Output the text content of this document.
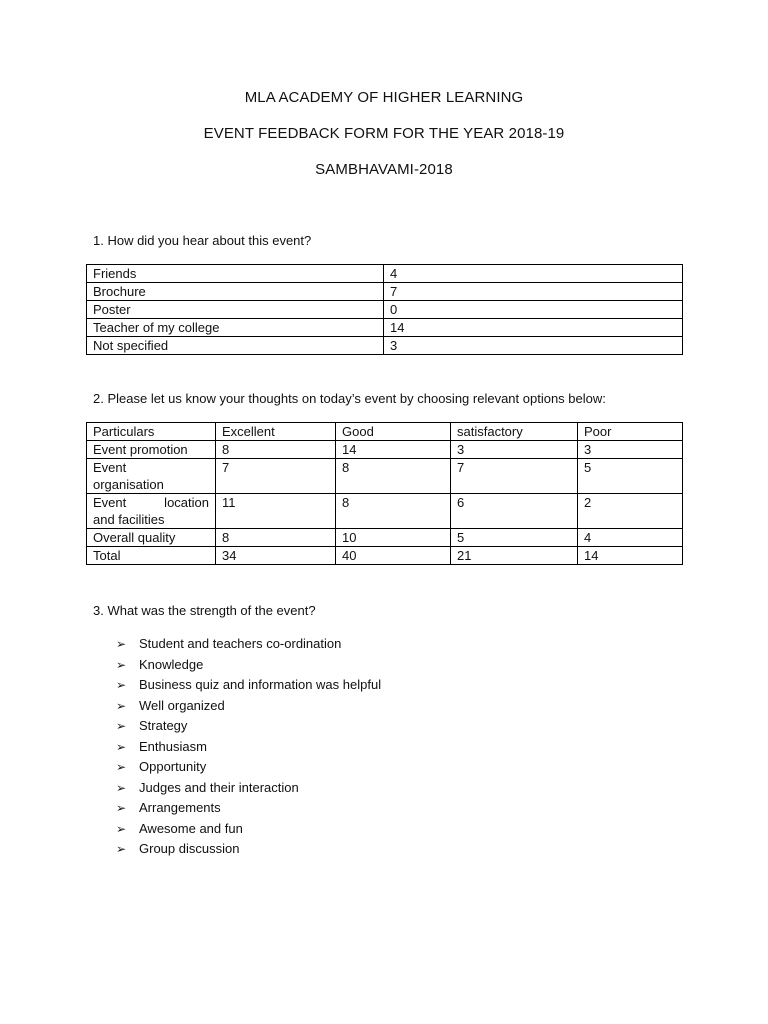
MLA ACADEMY OF HIGHER LEARNING
EVENT FEEDBACK FORM FOR THE YEAR 2018-19
SAMBHAVAMI-2018
1. How did you hear about this event?
Friends	4
Brochure	7
Poster	0
Teacher of my college	14
Not specified	3
2. Please let us know your thoughts on today’s event by choosing relevant options below:
Particulars	Excellent	Good	satisfactory	Poor
Event promotion	8	14	3	3

Event
organisation	7	8	7	5

Event location
and facilities	11	8	6	2
Overall quality	8	10	5	4
Total	34	40	21	14
3. What was the strength of the event?
➢ Student and teachers co-ordination
➢ Knowledge
➢ Business quiz and information was helpful
➢ Well organized
➢ Strategy
➢ Enthusiasm
➢ Opportunity
➢ Judges and their interaction
➢ Arrangements
➢ Awesome and fun
➢ Group discussion
